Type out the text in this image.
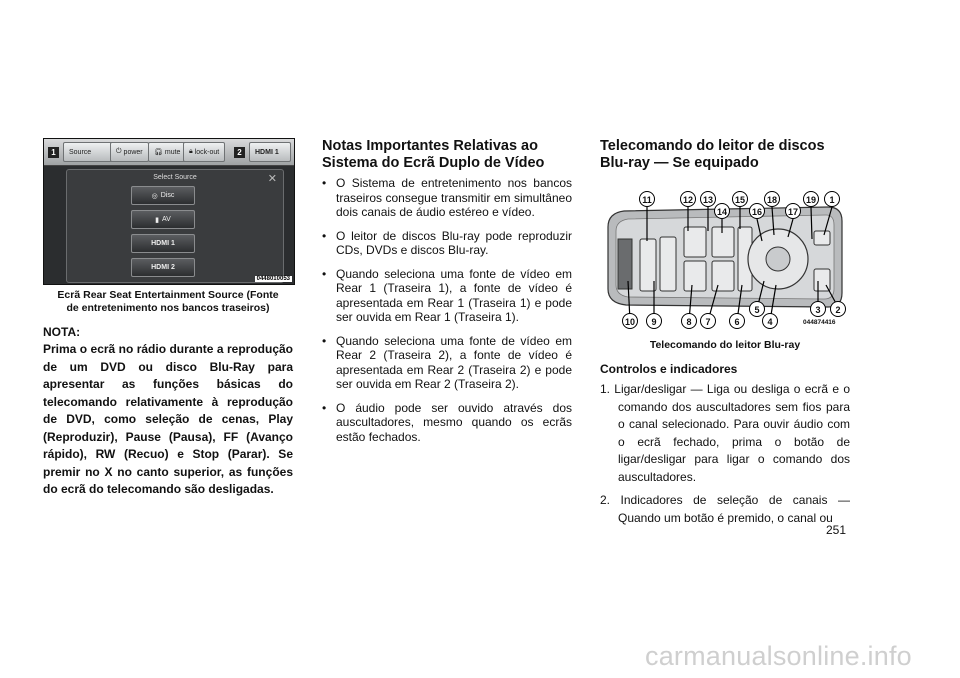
1	Source	⏻ power 🎧︎ mute 🔒︎ lock-out	2	HDMI 1
Select Source	✕
◎ Disc
▮ AV
HDMI 1
HDMI 2
0448010053
Ecrã Rear Seat Entertainment Source (Fonte
de entretenimento nos bancos traseiros)
NOTA:
Prima o ecrã no rádio durante a reprodução de um DVD ou disco Blu-Ray para apresentar as funções básicas do telecomando relativamente à reprodução de DVD, como seleção de cenas, Play (Reproduzir), Pause (Pausa), FF (Avanço rápido), RW (Recuo) e Stop (Parar). Se premir no X no canto superior, as funções do ecrã do telecomando são desligadas.
Notas Importantes Relativas ao
Sistema do Ecrã Duplo de Vídeo
• O Sistema de entretenimento nos bancos traseiros consegue transmitir em simultâneo dois canais de áudio estéreo e vídeo.
• O leitor de discos Blu-ray pode reproduzir CDs, DVDs e discos Blu-ray.
• Quando seleciona uma fonte de vídeo em Rear 1 (Traseira 1), a fonte de vídeo é apresentada em Rear 1 (Traseira 1) e pode ser ouvida em Rear 1 (Traseira 1).
• Quando seleciona uma fonte de vídeo em Rear 2 (Traseira 2), a fonte de vídeo é apresentada em Rear 2 (Traseira 2) e pode ser ouvida em Rear 2 (Traseira 2).
• O áudio pode ser ouvido através dos auscultadores, mesmo quando os ecrãs estão fechados.
Telecomando do leitor de discos
Blu-ray — Se equipado
11	12	13
14
15
16
18
17
19	1
10	9	8	7	6	4
5	3	2
044874416
Telecomando do leitor Blu-ray
Controlos e indicadores
1. Ligar/desligar — Liga ou desliga o ecrã e o comando dos auscultadores sem fios para o canal selecionado. Para ouvir áudio com o ecrã fechado, prima o botão de ligar/desligar para ligar o comando dos auscultadores.
2. Indicadores de seleção de canais — Quando um botão é premido, o canal ou
251
carmanualsonline.info
